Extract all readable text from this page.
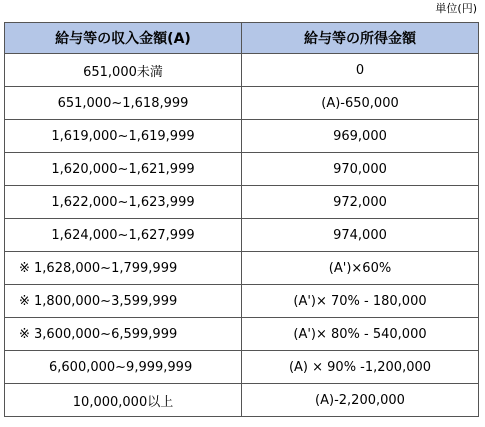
単位(円)
給与等の収入金額(A)	給与等の所得金額
651,000未満	0
651,000~1,618,999	(A)-650,000
1,619,000~1,619,999	969,000
1,620,000~1,621,999	970,000
1,622,000~1,623,999	972,000
1,624,000~1,627,999	974,000
※ 1,628,000~1,799,999	(A')×60%
※ 1,800,000~3,599,999	(A')× 70% - 180,000
※ 3,600,000~6,599,999	(A')× 80% - 540,000
6,600,000~9,999,999	(A) × 90% -1,200,000
10,000,000以上	(A)-2,200,000
